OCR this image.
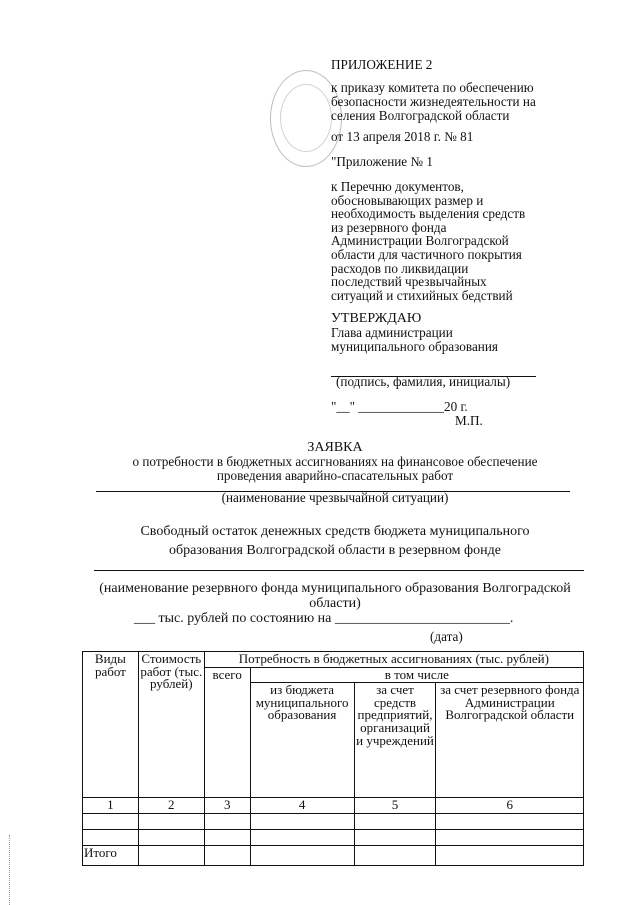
ПРИЛОЖЕНИЕ 2
к приказу комитета по обеспечению
безопасности жизнедеятельности на
селения Волгоградской области
от 13 апреля 2018 г. № 81
"Приложение № 1
к Перечню документов,
обосновывающих размер и
необходимость выделения средств
из резервного фонда
Администрации Волгоградской
области для частичного покрытия
расходов по ликвидации
последствий чрезвычайных
ситуаций и стихийных бедствий
УТВЕРЖДАЮ
Глава администрации
муниципального образования
(подпись, фамилия, инициалы)
"__" _____________20 г.
М.П.
ЗАЯВКА
о потребности в бюджетных ассигнованиях на финансовое обеспечение
проведения аварийно-спасательных работ
(наименование чрезвычайной ситуации)
Свободный остаток денежных средств бюджета муниципального
образования Волгоградской области в резервном фонде
(наименование резервного фонда муниципального образования Волгоградской
области)
___ тыс. рублей по состоянию на _________________________.
(дата)
Виды работ	Стоимость работ (тыс. рублей)	Потребность в бюджетных ассигнованиях (тыс. рублей)			
		всего	в том числе		
			из бюджета муниципального образования	за счет средств предприятий, организаций и учреждений	за счет резервного фонда Администрации Волгоградской области
1	2	3	4	5	6

Итого					
